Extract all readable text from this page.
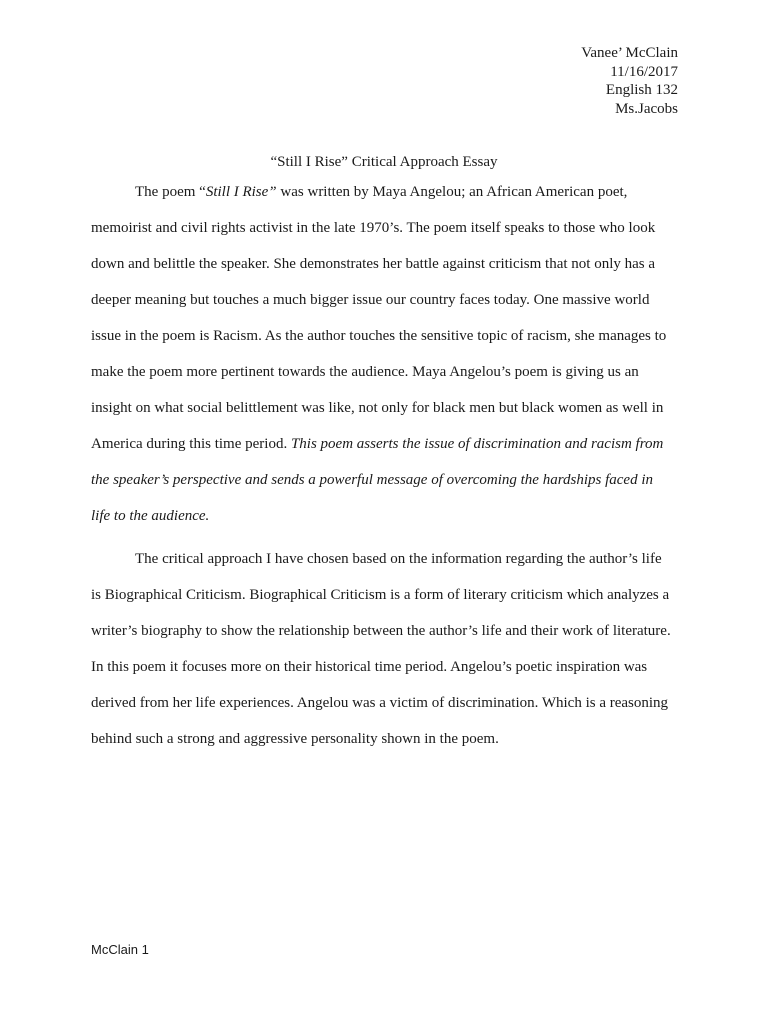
Vanee’ McClain
11/16/2017
English 132
Ms.Jacobs
“Still I Rise” Critical Approach Essay
The poem “Still I Rise” was written by Maya Angelou; an African American poet,
memoirist and civil rights activist in the late 1970’s. The poem itself speaks to those who look
down and belittle the speaker. She demonstrates her battle against criticism that not only has a
deeper meaning but touches a much bigger issue our country faces today. One massive world
issue in the poem is Racism. As the author touches the sensitive topic of racism, she manages to
make the poem more pertinent towards the audience. Maya Angelou’s poem is giving us an
insight on what social belittlement was like, not only for black men but black women as well in
America during this time period. This poem asserts the issue of discrimination and racism from
the speaker’s perspective and sends a powerful message of overcoming the hardships faced in
life to the audience.
The critical approach I have chosen based on the information regarding the author’s life
is Biographical Criticism. Biographical Criticism is a form of literary criticism which analyzes a
writer’s biography to show the relationship between the author’s life and their work of literature.
In this poem it focuses more on their historical time period. Angelou’s poetic inspiration was
derived from her life experiences. Angelou was a victim of discrimination. Which is a reasoning
behind such a strong and aggressive personality shown in the poem.
McClain 1
